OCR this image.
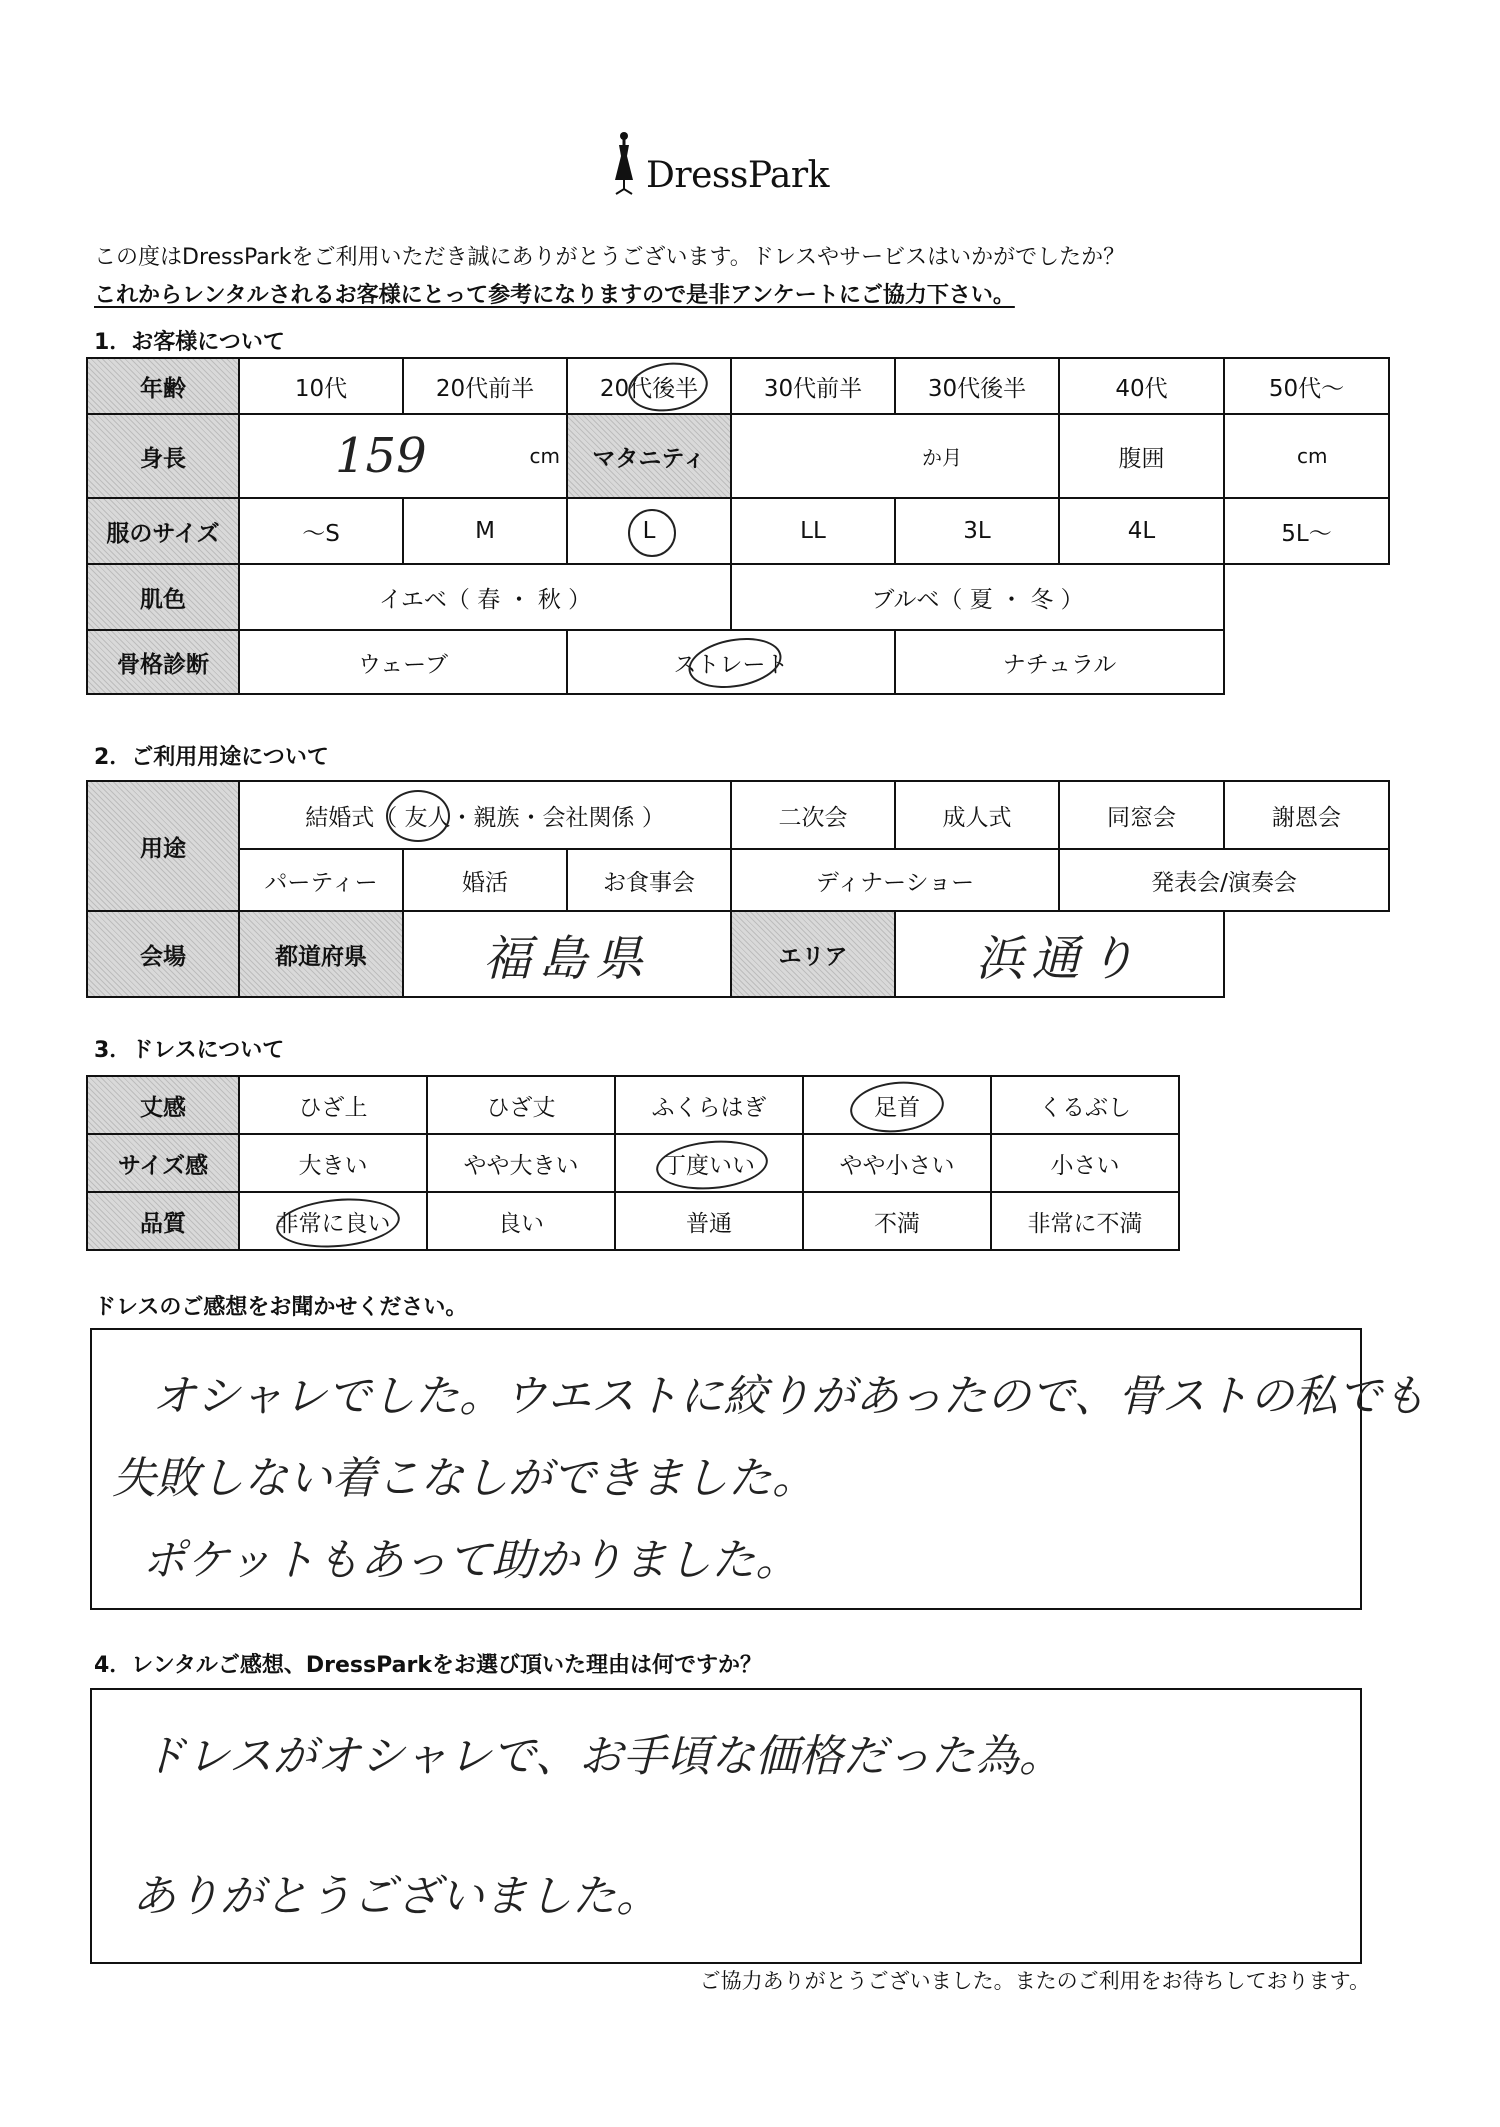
DressPark
この度はDressParkをご利用いただき誠にありがとうございます。ドレスやサービスはいかがでしたか？
これからレンタルされるお客様にとって参考になりますので是非アンケートにご協力下さい。
1．お客様について
年齢	10代	20代前半	20代後半	30代前半	30代後半	40代	50代～
身長	159 cm		マタニティ	か月		腹囲	cm

服のサイズ	～S	M	L	LL	3L	4L	5L～
肌色	イエベ（ 春 ・ 秋 ）			ブルベ（ 夏 ・ 冬 ）			
骨格診断	ウェーブ		ストレート		ナチュラル		
2．ご利用用途について
用途	結婚式（ 友人・親族・会社関係 ）			二次会	成人式	同窓会	謝恩会
	パーティー	婚活	お食事会	ディナーショー		発表会/演奏会	
会場	都道府県	福島県		エリア	浜通り		
3．ドレスについて
丈感	ひざ上	ひざ丈	ふくらはぎ	足首	くるぶし
サイズ感	大きい	やや大きい	丁度いい	やや小さい	小さい
品質	非常に良い	良い	普通	不満	非常に不満
ドレスのご感想をお聞かせください。
オシャレでした。ウエストに絞りがあったので、骨ストの私でも
失敗しない着こなしができました。
ポケットもあって助かりました。
4．レンタルご感想、DressParkをお選び頂いた理由は何ですか？
ドレスがオシャレで、お手頃な価格だった為。
ありがとうございました。
ご協力ありがとうございました。またのご利用をお待ちしております。
